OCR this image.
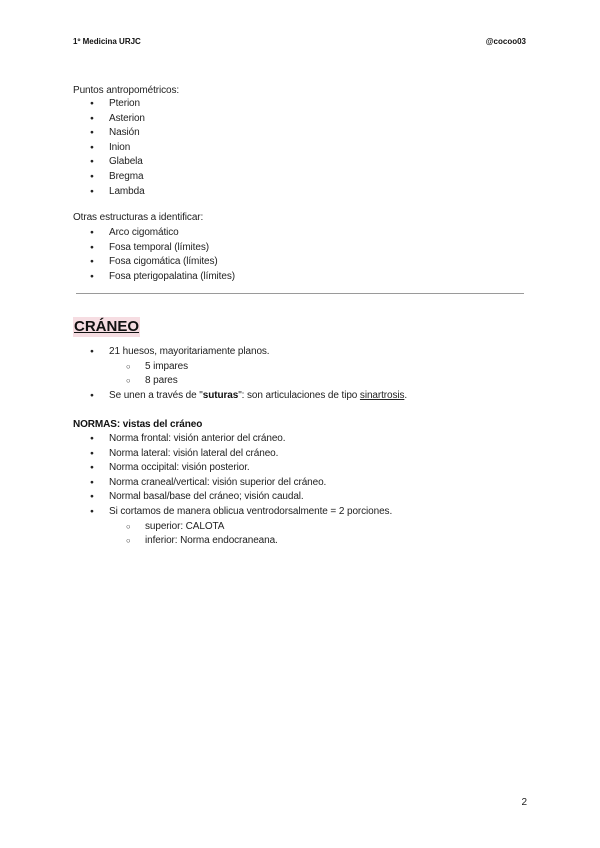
1º Medicina URJC	@cocoo03
Puntos antropométricos:
● Pterion
● Asterion
● Nasión
● Inion
● Glabela
● Bregma
● Lambda
Otras estructuras a identificar:
● Arco cigomático
● Fosa temporal (límites)
● Fosa cigomática (límites)
● Fosa pterigopalatina (límites)
CRÁNEO
● 21 huesos, mayoritariamente planos.
○ 5 impares
○ 8 pares
● Se unen a través de "suturas": son articulaciones de tipo sinartrosis.
NORMAS: vistas del cráneo
● Norma frontal: visión anterior del cráneo.
● Norma lateral: visión lateral del cráneo.
● Norma occipital: visión posterior.
● Norma craneal/vertical: visión superior del cráneo.
● Normal basal/base del cráneo; visión caudal.
● Si cortamos de manera oblicua ventrodorsalmente = 2 porciones.
○ superior: CALOTA
○ inferior: Norma endocraneana.
2
